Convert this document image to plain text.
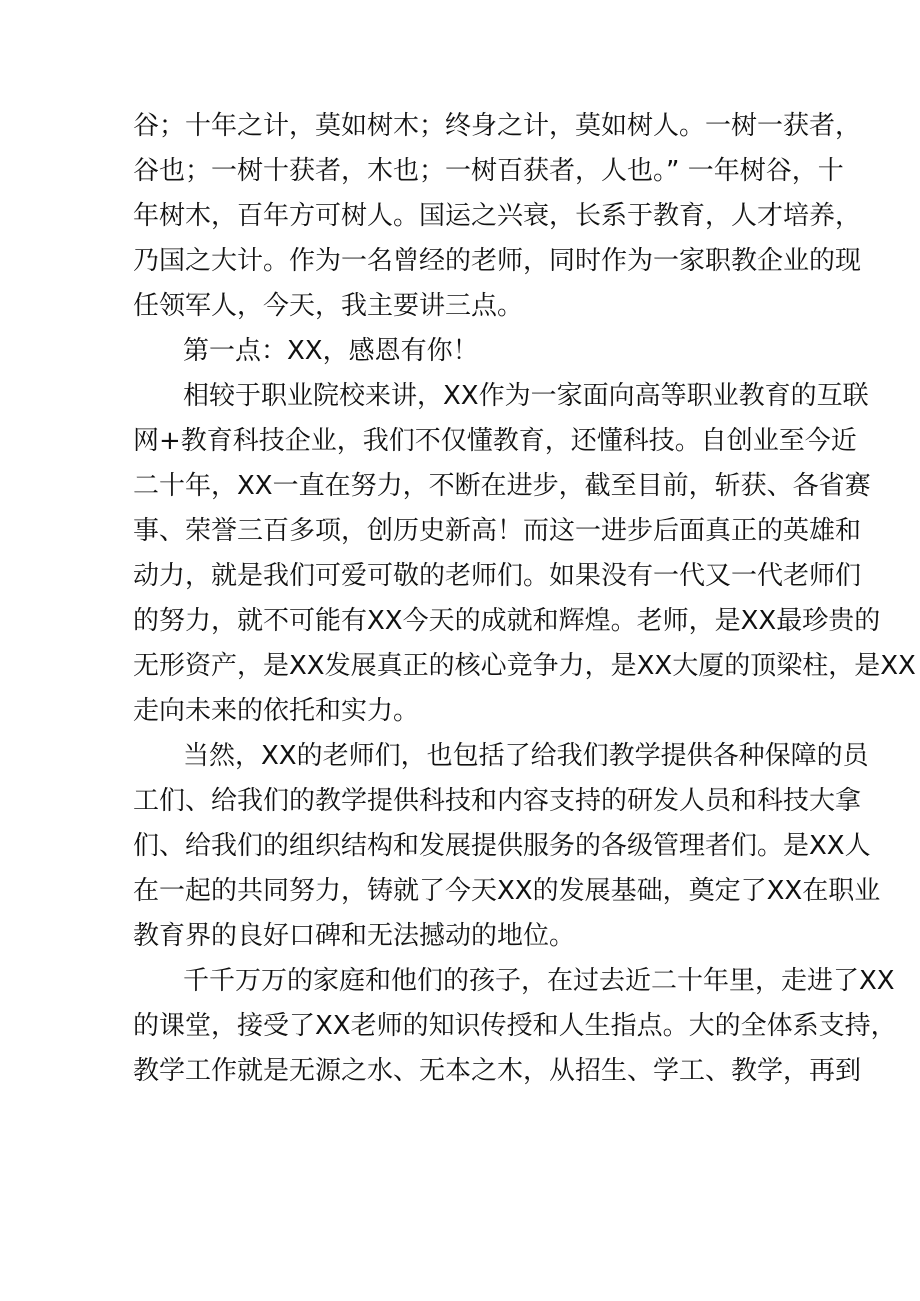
谷；十年之计，莫如树木；终身之计，莫如树人。一树一获者，
谷也；一树十获者，木也；一树百获者，人也。” 一年树谷，十
年树木，百年方可树人。国运之兴衰，长系于教育，人才培养，
乃国之大计。作为一名曾经的老师，同时作为一家职教企业的现
任领军人，今天，我主要讲三点。
第一点：XX，感恩有你！
相较于职业院校来讲，XX作为一家面向高等职业教育的互联
网+教育科技企业，我们不仅懂教育，还懂科技。自创业至今近
二十年，XX一直在努力，不断在进步，截至目前，斩获、各省赛
事、荣誉三百多项，创历史新高！而这一进步后面真正的英雄和
动力，就是我们可爱可敬的老师们。如果没有一代又一代老师们
的努力，就不可能有XX今天的成就和辉煌。老师，是XX最珍贵的
无形资产，是XX发展真正的核心竞争力，是XX大厦的顶梁柱，是XX
走向未来的依托和实力。
当然，XX的老师们，也包括了给我们教学提供各种保障的员
工们、给我们的教学提供科技和内容支持的研发人员和科技大拿
们、给我们的组织结构和发展提供服务的各级管理者们。是XX人
在一起的共同努力，铸就了今天XX的发展基础，奠定了XX在职业
教育界的良好口碑和无法撼动的地位。
千千万万的家庭和他们的孩子，在过去近二十年里，走进了XX
的课堂，接受了XX老师的知识传授和人生指点。大的全体系支持，
教学工作就是无源之水、无本之木，从招生、学工、教学，再到
